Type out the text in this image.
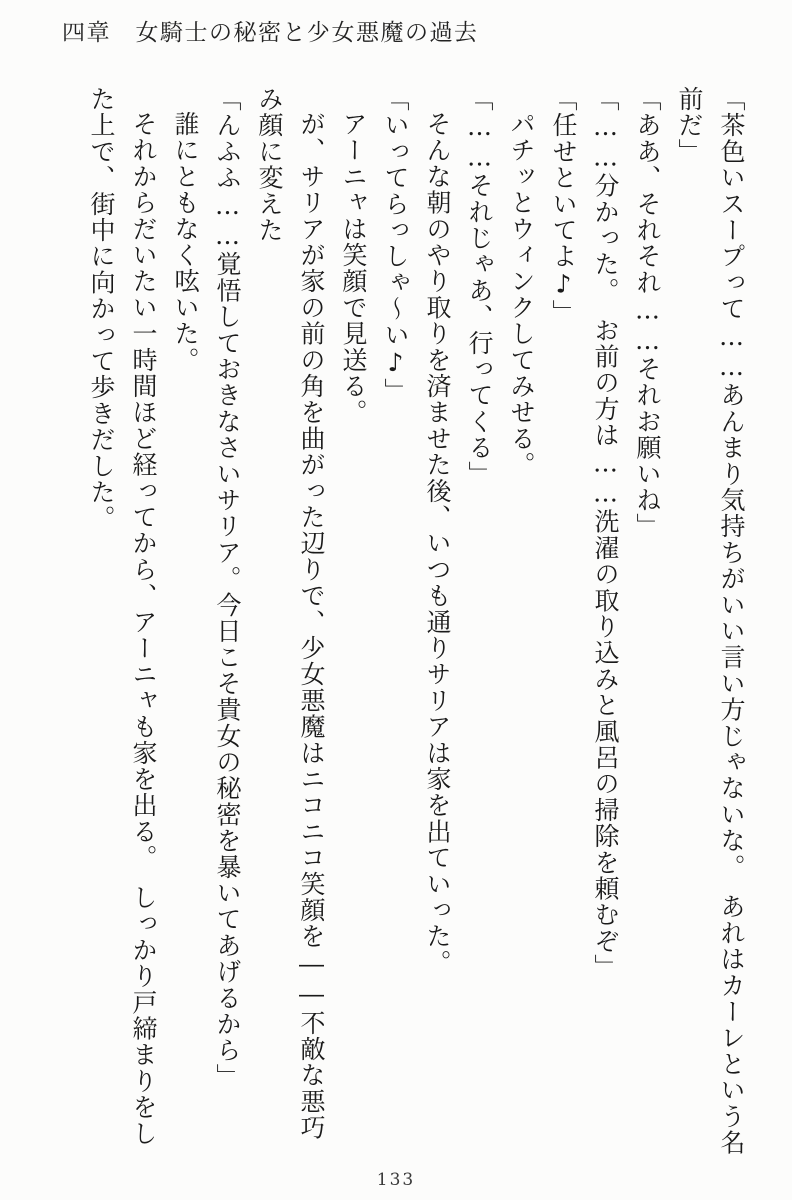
四章　女騎士の秘密と少女悪魔の過去

「茶色いスープって……あんまり気持ちがいい言い方じゃないな。　あれはカーレという名前だ」

「ああ、それそれ……それお願いね」

「……分かった。　お前の方は……洗濯の取り込みと風呂の掃除を頼むぞ」

「任せといてよ♪」

パチッとウィンクしてみせる。

「……それじゃあ、行ってくる」

そんな朝のやり取りを済ませた後、いつも通りサリアは家を出ていった。

「いってらっしゃ～い♪」

アーニャは笑顔で見送る。

が、サリアが家の前の角を曲がった辺りで、少女悪魔はニコニコ笑顔を――不敵な悪巧み顔に変えた

「んふふ……覚悟しておきなさいサリア。今日こそ貴女の秘密を暴いてあげるから」

誰にともなく呟いた。

それからだいたい一時間ほど経ってから、アーニャも家を出る。　しっかり戸締まりをした上で、街中に向かって歩きだした。

133
